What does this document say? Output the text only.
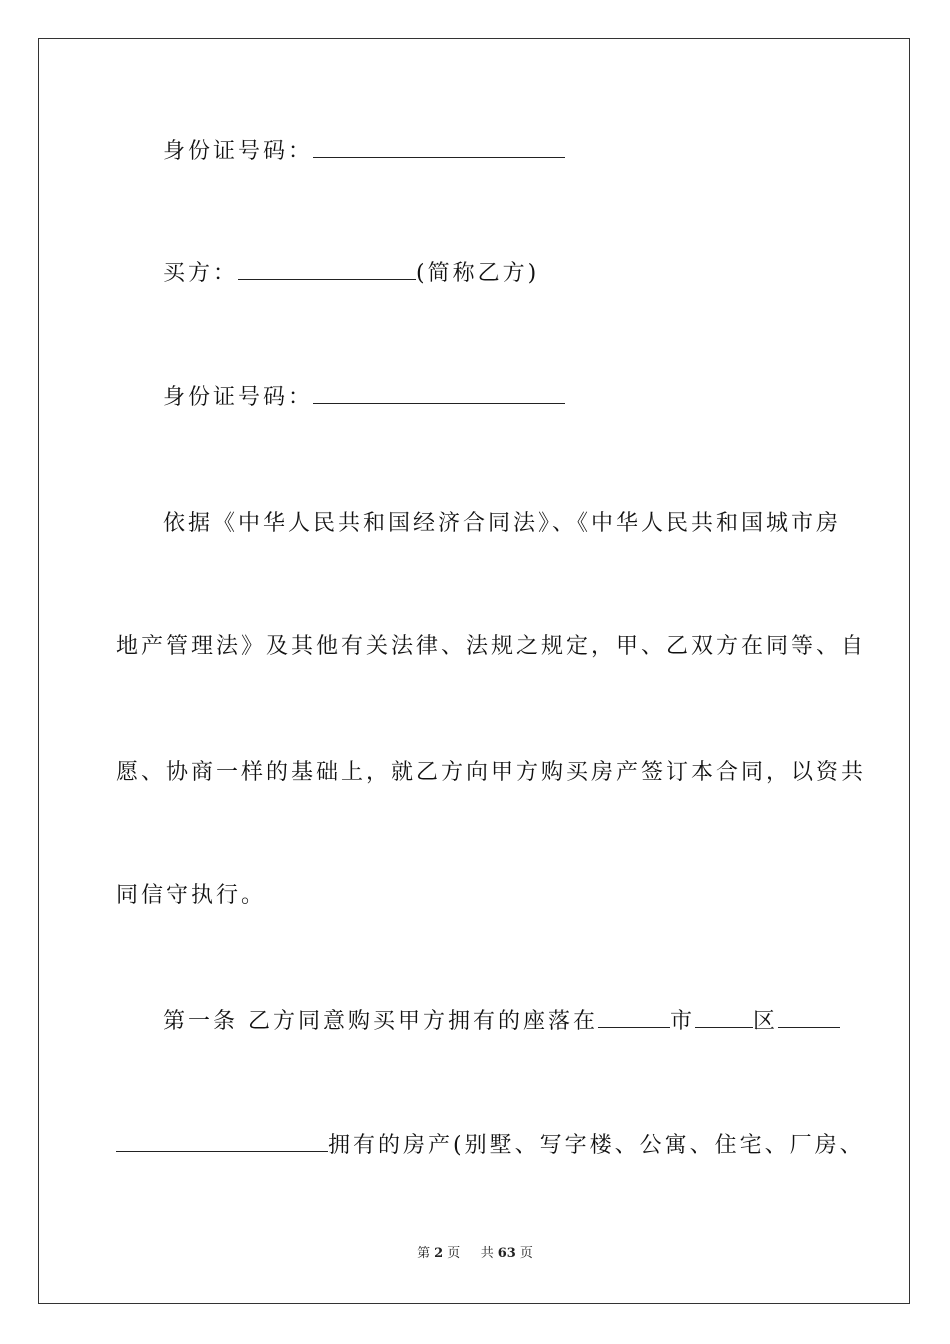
身份证号码：
买方：	(简称乙方)
身份证号码：
依据《中华人民共和国经济合同法》、《中华人民共和国城市房
地产管理法》及其他有关法律、法规之规定，甲、乙双方在同等、自
愿、协商一样的基础上，就乙方向甲方购买房产签订本合同，以资共
同信守执行。
第一条 乙方同意购买甲方拥有的座落在	市	区
拥有的房产(别墅、写字楼、公寓、住宅、厂房、
第 2 页 共 63 页
